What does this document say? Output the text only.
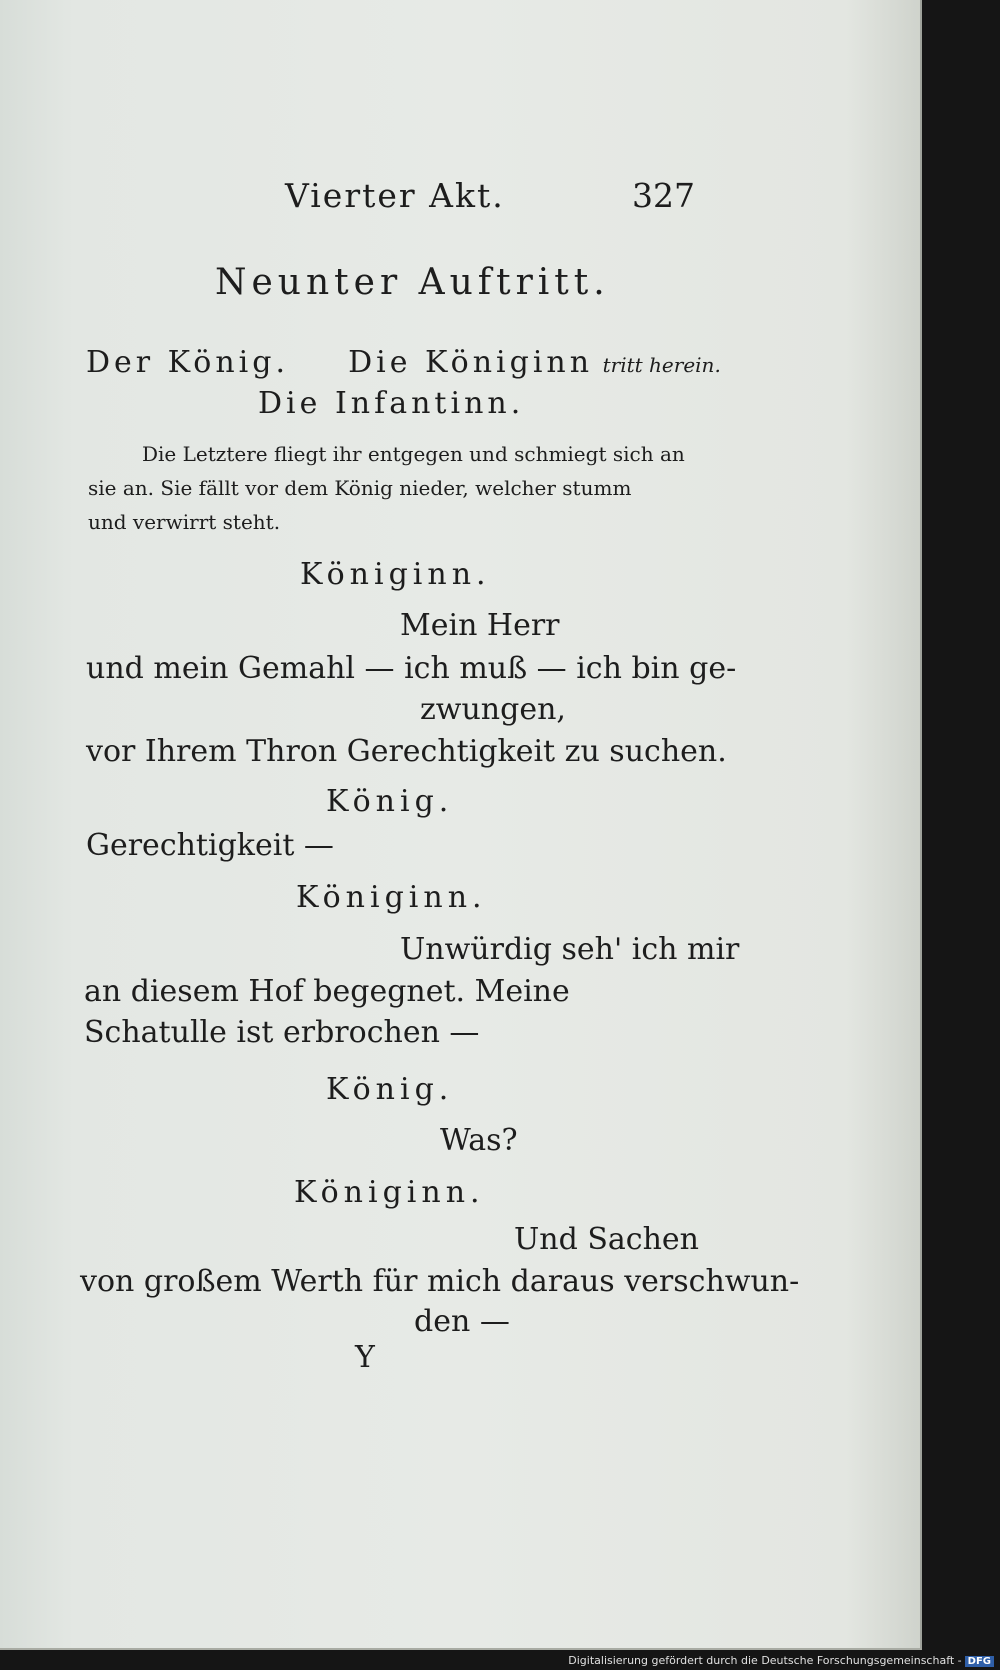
Vierter Akt.	327
Neunter Auftritt.
Der König. Die Königinn tritt herein.
Die Infantinn.
Die Letztere fliegt ihr entgegen und schmiegt sich an
sie an. Sie fällt vor dem König nieder, welcher stumm
und verwirrt steht.
Königinn.
Mein Herr
und mein Gemahl — ich muß — ich bin ge-
zwungen,
vor Ihrem Thron Gerechtigkeit zu suchen.
König.
Gerechtigkeit —
Königinn.
Unwürdig seh' ich mir
an diesem Hof begegnet. Meine
Schatulle ist erbrochen —
König.
Was?
Königinn.
Und Sachen
von großem Werth für mich daraus verschwun-
den —
Y
Digitalisierung gefördert durch die Deutsche Forschungsgemeinschaft - DFG
